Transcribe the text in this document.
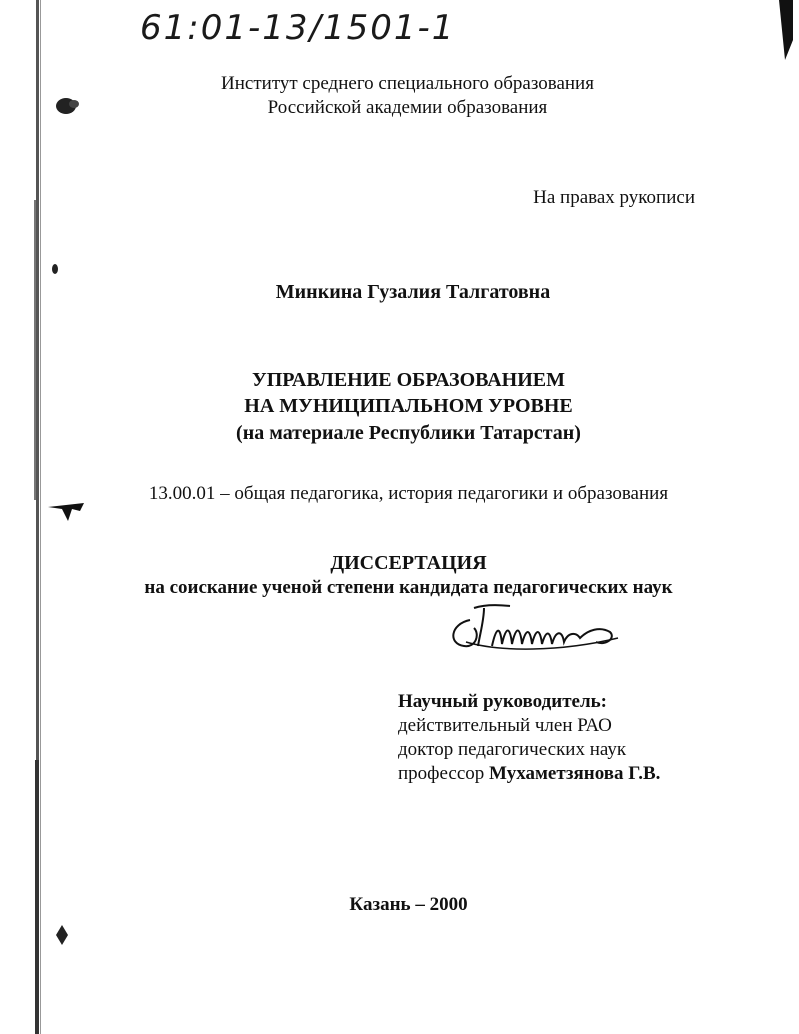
61:01-13/1501-1
Институт среднего специального образования
Российской академии образования
На правах рукописи
Минкина Гузалия Талгатовна
УПРАВЛЕНИЕ ОБРАЗОВАНИЕМ
НА МУНИЦИПАЛЬНОМ УРОВНЕ
(на материале Республики Татарстан)
13.00.01 – общая педагогика, история педагогики и образования
ДИССЕРТАЦИЯ
на соискание ученой степени кандидата педагогических наук
Научный руководитель:
действительный член РАО
доктор педагогических наук
профессор Мухаметзянова Г.В.
Казань – 2000
